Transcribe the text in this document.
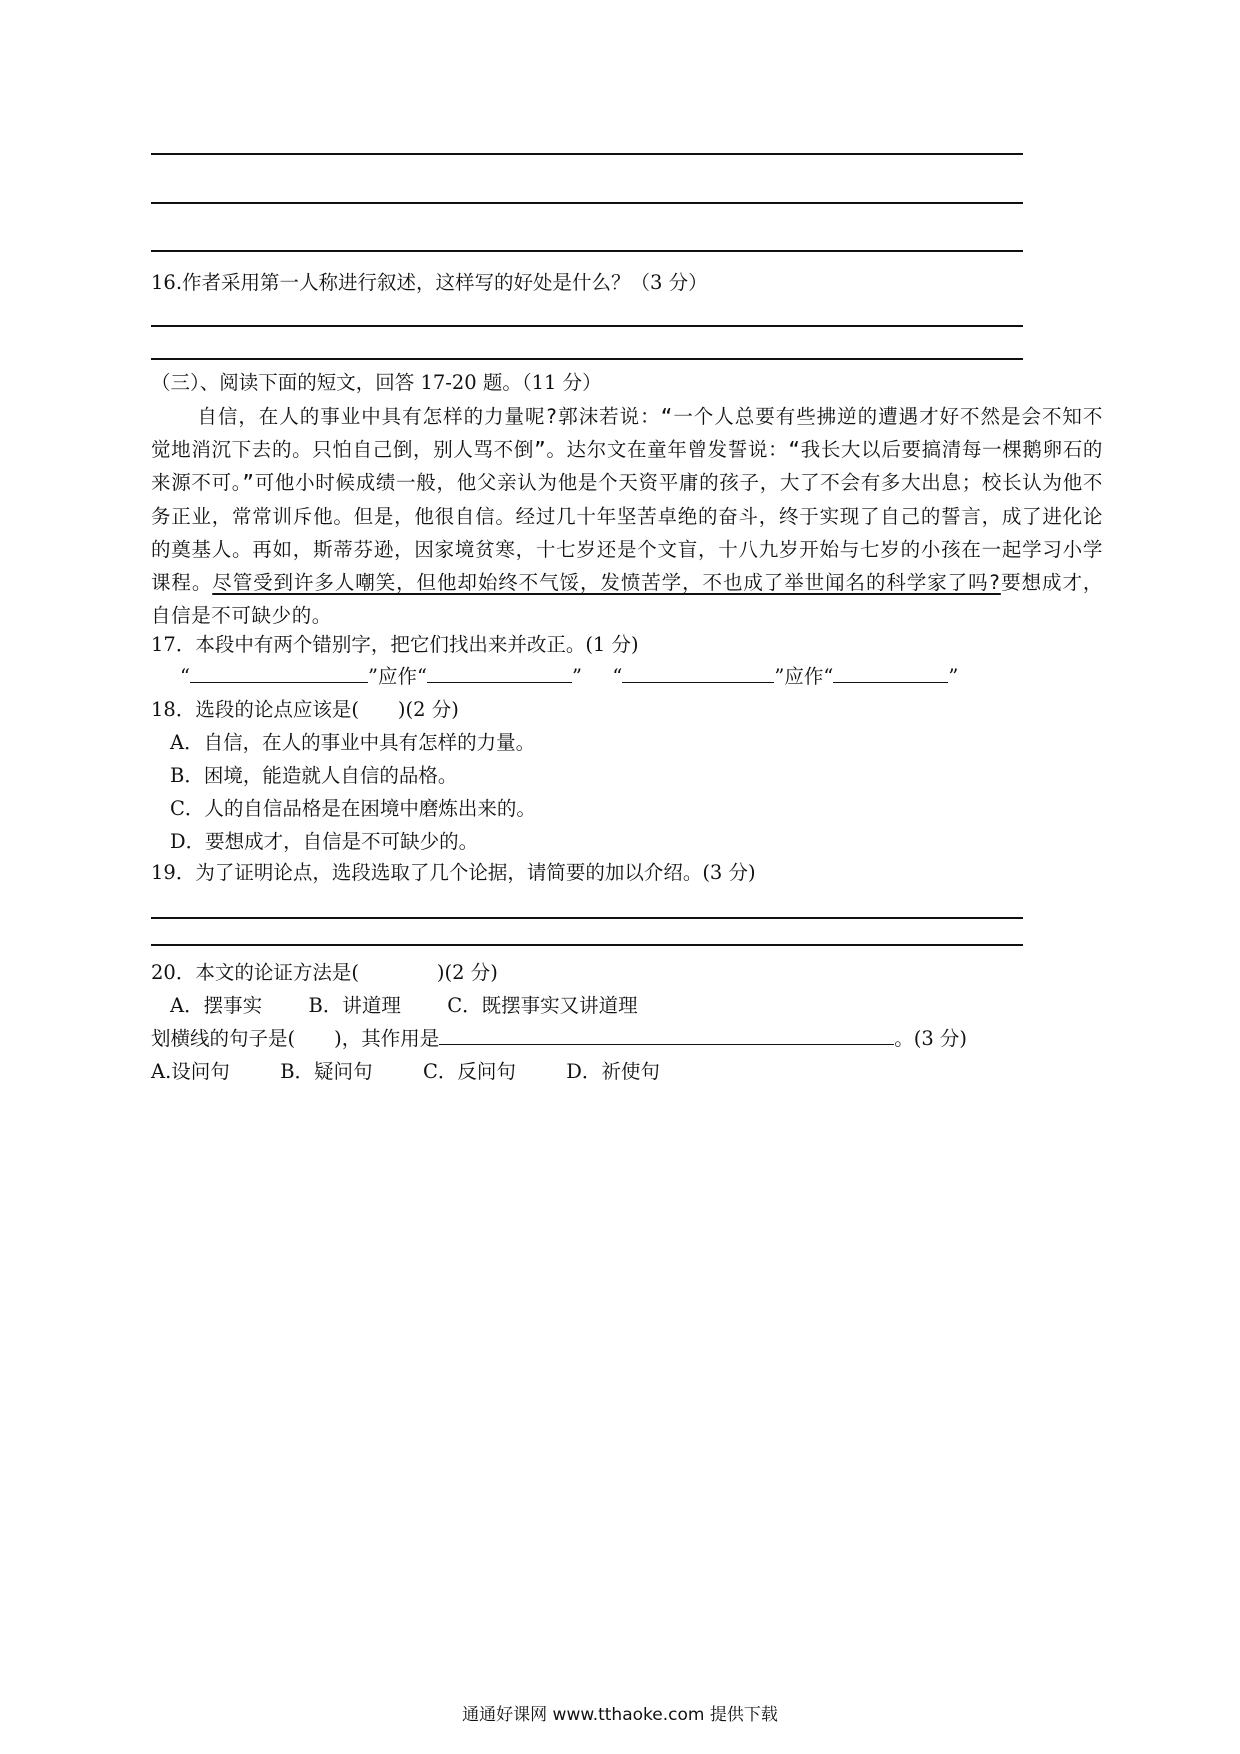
16.作者采用第一人称进行叙述，这样写的好处是什么？（3 分）
（三）、阅读下面的短文，回答 17-20 题。（11 分）
自信，在人的事业中具有怎样的力量呢?郭沫若说：“一个人总要有些拂逆的遭遇才好不然是会不知不觉地消沉下去的。只怕自己倒，别人骂不倒”。达尔文在童年曾发誓说：“我长大以后要搞清每一棵鹅卵石的来源不可。”可他小时候成绩一般，他父亲认为他是个天资平庸的孩子，大了不会有多大出息；校长认为他不务正业，常常训斥他。但是，他很自信。经过几十年坚苦卓绝的奋斗，终于实现了自己的誓言，成了进化论的奠基人。再如，斯蒂芬逊，因家境贫寒，十七岁还是个文盲，十八九岁开始与七岁的小孩在一起学习小学课程。尽管受到许多人嘲笑，但他却始终不气馁，发愤苦学，不也成了举世闻名的科学家了吗?要想成才，自信是不可缺少的。
17．本段中有两个错别字，把它们找出来并改正。(1 分)
“	”应作“	” “	”应作“	”
18．选段的论点应该是(　　)(2 分)
A．自信，在人的事业中具有怎样的力量。
B．困境，能造就人自信的品格。
C．人的自信品格是在困境中磨炼出来的。
D．要想成才，自信是不可缺少的。
19．为了证明论点，选段选取了几个论据，请简要的加以介绍。(3 分)
20．本文的论证方法是(　　　　)(2 分)
A．摆事实 B．讲道理 C．既摆事实又讲道理
划横线的句子是(　　)，其作用是	。(3 分)
A.设问句	B．疑问句	C．反问句	D．祈使句
通通好课网 www.tthaoke.com 提供下载
